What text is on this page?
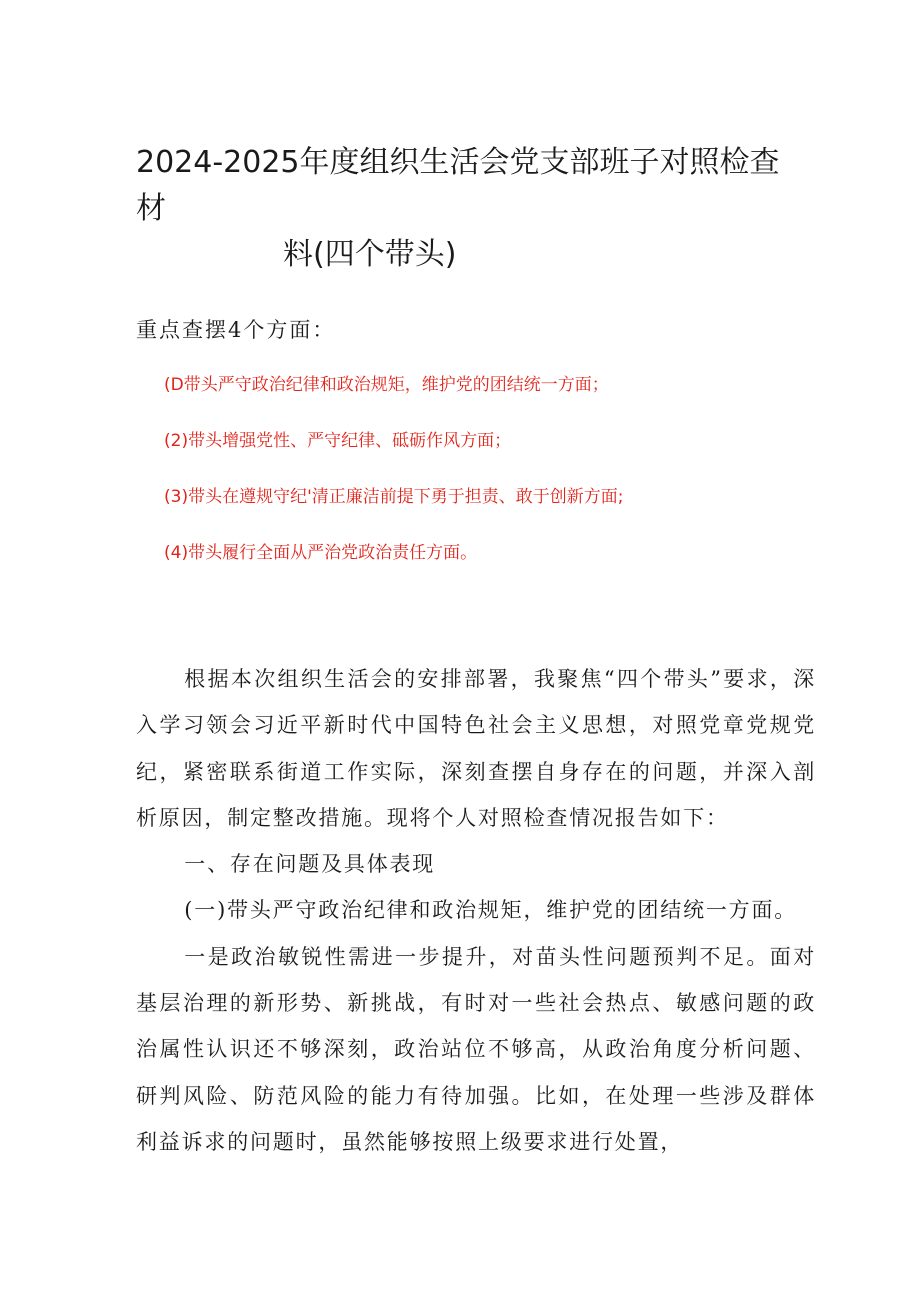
2024-2025年度组织生活会党支部班子对照检查材
料(四个带头)

重点查摆4个方面：

(D带头严守政治纪律和政治规矩，维护党的团结统一方面；
(2)带头增强党性、严守纪律、砥砺作风方面；
(3)带头在遵规守纪'清正廉洁前提下勇于担责、敢于创新方面;
(4)带头履行全面从严治党政治责任方面。

根据本次组织生活会的安排部署，我聚焦“四个带头”要求，深入学习领会习近平新时代中国特色社会主义思想，对照党章党规党纪，紧密联系街道工作实际，深刻查摆自身存在的问题，并深入剖析原因，制定整改措施。现将个人对照检查情况报告如下：

一、存在问题及具体表现

(一)带头严守政治纪律和政治规矩，维护党的团结统一方面。

一是政治敏锐性需进一步提升，对苗头性问题预判不足。面对基层治理的新形势、新挑战，有时对一些社会热点、敏感问题的政治属性认识还不够深刻，政治站位不够高，从政治角度分析问题、研判风险、防范风险的能力有待加强。比如，在处理一些涉及群体利益诉求的问题时，虽然能够按照上级要求进行处置，
